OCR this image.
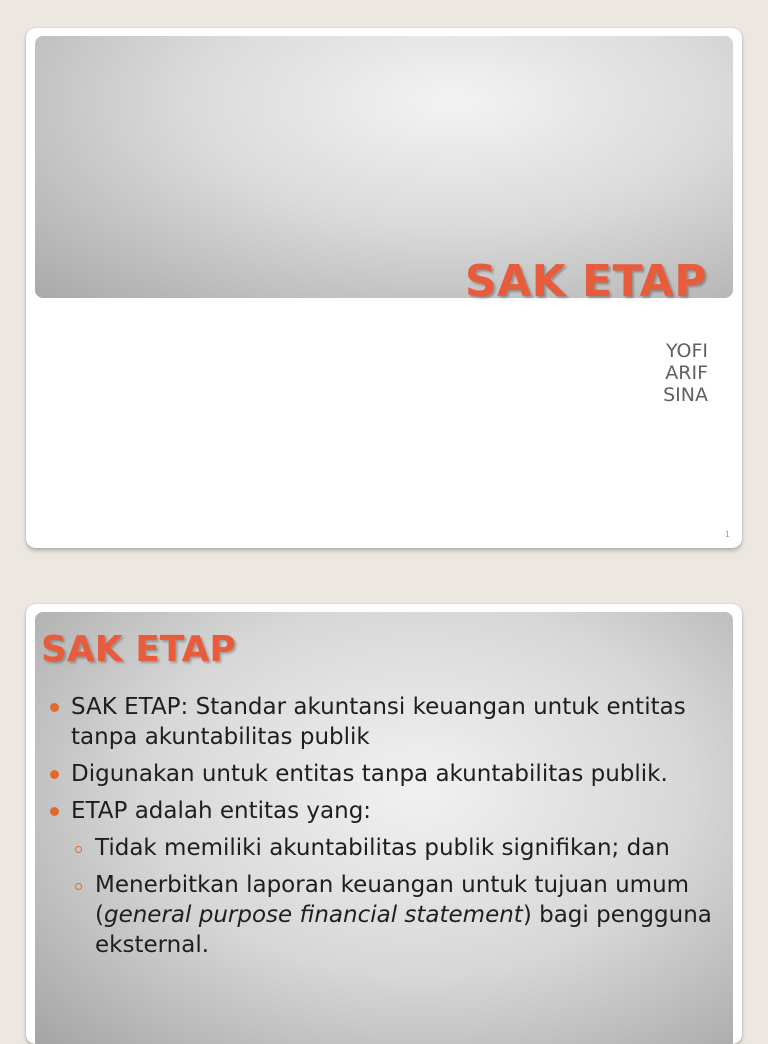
SAK ETAP
YOFI
ARIF
SINA
1
SAK ETAP
SAK ETAP: Standar akuntansi keuangan untuk entitas tanpa akuntabilitas publik
Digunakan untuk entitas tanpa akuntabilitas publik.
ETAP adalah entitas yang:
Tidak memiliki akuntabilitas publik signifikan; dan
Menerbitkan laporan keuangan untuk tujuan umum (general purpose financial statement) bagi pengguna eksternal.
